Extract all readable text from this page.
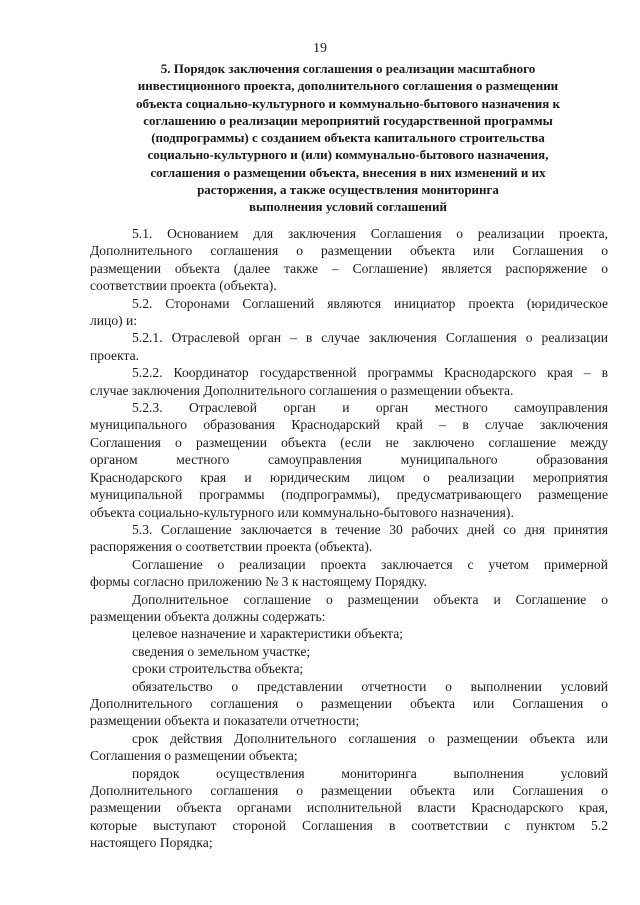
19
5. Порядок заключения соглашения о реализации масштабного
инвестиционного проекта, дополнительного соглашения о размещении
объекта социально-культурного и коммунально-бытового назначения к
соглашению о реализации мероприятий государственной программы
(подпрограммы) с созданием объекта капитального строительства
социально-культурного и (или) коммунально-бытового назначения,
соглашения о размещении объекта, внесения в них изменений и их
расторжения, а также осуществления мониторинга
выполнения условий соглашений

5.1. Основанием для заключения Соглашения о реализации проекта,
Дополнительного соглашения о размещении объекта или Соглашения о
размещении объекта (далее также – Соглашение) является распоряжение о
соответствии проекта (объекта).

5.2. Сторонами Соглашений являются инициатор проекта (юридическое
лицо) и:

5.2.1. Отраслевой орган – в случае заключения Соглашения о реализации
проекта.

5.2.2. Координатор государственной программы Краснодарского края – в
случае заключения Дополнительного соглашения о размещении объекта.

5.2.3. Отраслевой орган и орган местного самоуправления
муниципального образования Краснодарский край – в случае заключения
Соглашения о размещении объекта (если не заключено соглашение между
органом местного самоуправления муниципального образования
Краснодарского края и юридическим лицом о реализации мероприятия
муниципальной программы (подпрограммы), предусматривающего размещение
объекта социально-культурного или коммунально-бытового назначения).

5.3. Соглашение заключается в течение 30 рабочих дней со дня принятия
распоряжения о соответствии проекта (объекта).

Соглашение о реализации проекта заключается с учетом примерной
формы согласно приложению № 3 к настоящему Порядку.

Дополнительное соглашение о размещении объекта и Соглашение о
размещении объекта должны содержать:

целевое назначение и характеристики объекта;

сведения о земельном участке;

сроки строительства объекта;

обязательство о представлении отчетности о выполнении условий
Дополнительного соглашения о размещении объекта или Соглашения о
размещении объекта и показатели отчетности;

срок действия Дополнительного соглашения о размещении объекта или
Соглашения о размещении объекта;

порядок осуществления мониторинга выполнения условий
Дополнительного соглашения о размещении объекта или Соглашения о
размещении объекта органами исполнительной власти Краснодарского края,
которые выступают стороной Соглашения в соответствии с пунктом 5.2
настоящего Порядка;
